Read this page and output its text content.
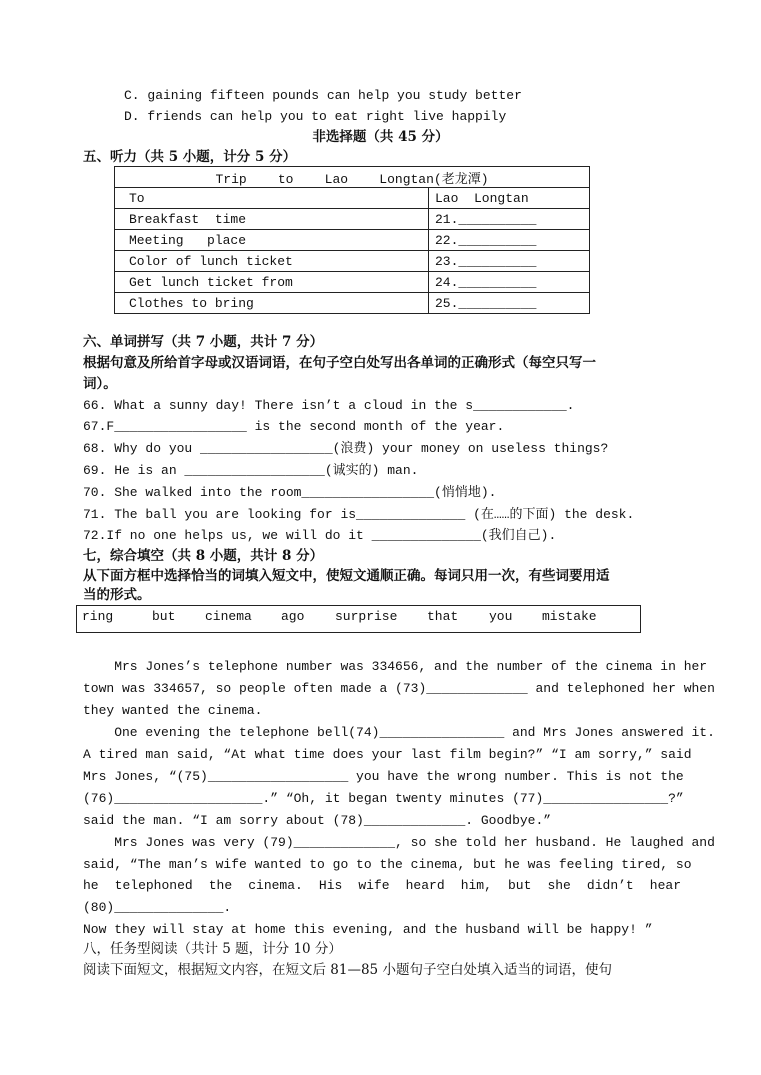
C. gaining fifteen pounds can help you study better
D. friends can help you to eat right live happily
非选择题（共 45 分）
五、听力（共 5 小题，计分 5 分）
Trip    to    Lao    Longtan(老龙潭)	
To	Lao  Longtan
Breakfast  time	21.__________
Meeting   place	22.__________
Color of lunch ticket	23.__________
Get lunch ticket from	24.__________
Clothes to bring	25.__________
六、单词拼写（共 7 小题，共计 7 分）
根据句意及所给首字母或汉语词语，在句子空白处写出各单词的正确形式（每空只写一
词）。
66. What a sunny day! There isn’t a cloud in the s____________.
67.F_________________ is the second month of the year.
68. Why do you _________________(浪费) your money on useless things?
69. He is an __________________(诚实的) man.
70. She walked into the room_________________(悄悄地).
71. The ball you are looking for is______________ (在……的下面) the desk.
72.If no one helps us, we will do it ______________(我们自己).
七，综合填空（共 8 小题，共计 8 分）
从下面方框中选择恰当的词填入短文中，使短文通顺正确。每词只用一次，有些词要用适
当的形式。
ring	but cinema ago surprise that you mistake
Mrs Jones’s telephone number was 334656, and the number of the cinema in her
town was 334657, so people often made a (73)_____________ and telephoned her when
they wanted the cinema.
One evening the telephone bell(74)________________ and Mrs Jones answered it.
A tired man said, “At what time does your last film begin?” “I am sorry,” said
Mrs Jones, “(75)__________________ you have the wrong number. This is not the
(76)___________________.” “Oh, it began twenty minutes (77)________________?”
said the man. “I am sorry about (78)_____________. Goodbye.”
Mrs Jones was very (79)_____________, so she told her husband. He laughed and
said, “The man’s wife wanted to go to the cinema, but he was feeling tired, so
he telephoned the cinema. His wife heard him, but she didn’t hear
(80)______________.
Now they will stay at home this evening, and the husband will be happy! ”
八，任务型阅读（共计 5 题，计分 10 分）
阅读下面短文，根据短文内容，在短文后 81—85 小题句子空白处填入适当的词语，使句
